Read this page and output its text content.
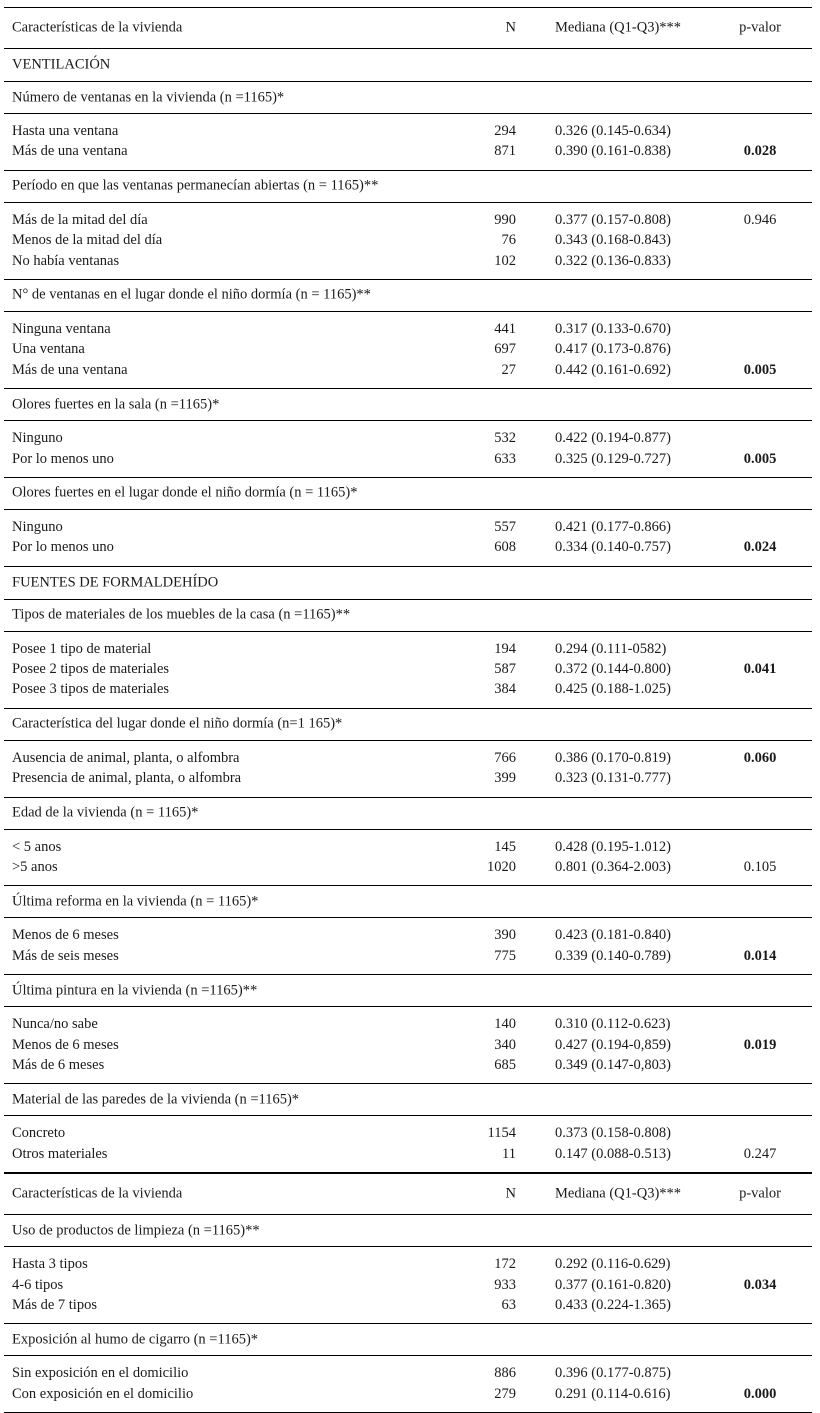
Características de la vivienda	N	Mediana (Q1-Q3)***	p-valor
VENTILACIÓN
Número de ventanas en la vivienda (n =1165)*
Hasta una ventana	294	0.326 (0.145-0.634)
Más de una ventana	871	0.390 (0.161-0.838)	0.028
Período en que las ventanas permanecían abiertas (n = 1165)**
Más de la mitad del día	990	0.377 (0.157-0.808)	0.946
Menos de la mitad del día	76	0.343 (0.168-0.843)
No había ventanas	102	0.322 (0.136-0.833)
N° de ventanas en el lugar donde el niño dormía (n = 1165)**
Ninguna ventana	441	0.317 (0.133-0.670)
Una ventana	697	0.417 (0.173-0.876)
Más de una ventana	27	0.442 (0.161-0.692)	0.005
Olores fuertes en la sala (n =1165)*
Ninguno	532	0.422 (0.194-0.877)
Por lo menos uno	633	0.325 (0.129-0.727)	0.005
Olores fuertes en el lugar donde el niño dormía (n = 1165)*
Ninguno	557	0.421 (0.177-0.866)
Por lo menos uno	608	0.334 (0.140-0.757)	0.024
FUENTES DE FORMALDEHÍDO
Tipos de materiales de los muebles de la casa (n =1165)**
Posee 1 tipo de material	194	0.294 (0.111-0582)
Posee 2 tipos de materiales	587	0.372 (0.144-0.800)	0.041
Posee 3 tipos de materiales	384	0.425 (0.188-1.025)
Característica del lugar donde el niño dormía (n=1 165)*
Ausencia de animal, planta, o alfombra	766	0.386 (0.170-0.819)	0.060
Presencia de animal, planta, o alfombra	399	0.323 (0.131-0.777)
Edad de la vivienda (n = 1165)*
< 5 anos	145	0.428 (0.195-1.012)
>5 anos	1020	0.801 (0.364-2.003)	0.105
Última reforma en la vivienda (n = 1165)*
Menos de 6 meses	390	0.423 (0.181-0.840)
Más de seis meses	775	0.339 (0.140-0.789)	0.014
Última pintura en la vivienda (n =1165)**
Nunca/no sabe	140	0.310 (0.112-0.623)
Menos de 6 meses	340	0.427 (0.194-0,859)	0.019
Más de 6 meses	685	0.349 (0.147-0,803)
Material de las paredes de la vivienda (n =1165)*
Concreto	1154	0.373 (0.158-0.808)
Otros materiales	11	0.147 (0.088-0.513)	0.247
Características de la vivienda	N	Mediana (Q1-Q3)***	p-valor
Uso de productos de limpieza (n =1165)**
Hasta 3 tipos	172	0.292 (0.116-0.629)
4-6 tipos	933	0.377 (0.161-0.820)	0.034
Más de 7 tipos	63	0.433 (0.224-1.365)
Exposición al humo de cigarro (n =1165)*
Sin exposición en el domicilio	886	0.396 (0.177-0.875)
Con exposición en el domicilio	279	0.291 (0.114-0.616)	0.000
